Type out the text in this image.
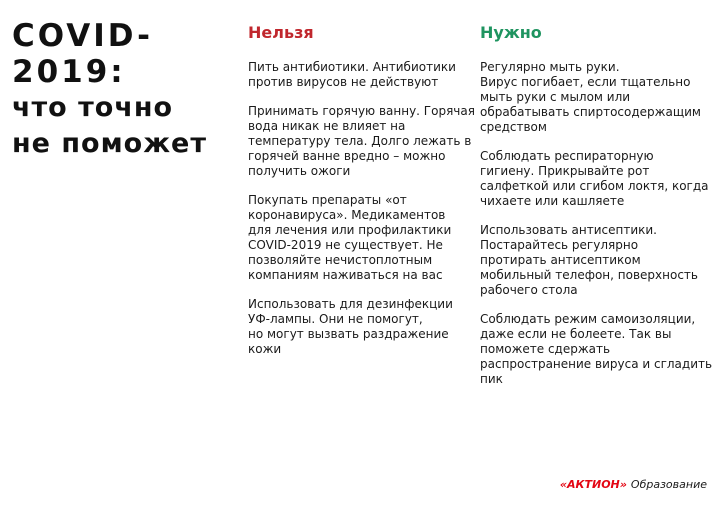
COVID-
2019:
что точно
не поможет
Нельзя
Пить антибиотики. Антибиотики
против вирусов не действуют
Принимать горячую ванну. Горячая
вода никак не влияет на
температуру тела. Долго лежать в
горячей ванне вредно – можно
получить ожоги
Покупать препараты «от
коронавируса». Медикаментов
для лечения или профилактики
COVID-2019 не существует. Не
позволяйте нечистоплотным
компаниям наживаться на вас
Использовать для дезинфекции
УФ-лампы. Они не помогут,
но могут вызвать раздражение
кожи
Нужно
Регулярно мыть руки.
Вирус погибает, если тщательно
мыть руки с мылом или
обрабатывать спиртосодержащим
средством
Соблюдать респираторную
гигиену. Прикрывайте рот
салфеткой или сгибом локтя, когда
чихаете или кашляете
Использовать антисептики.
Постарайтесь регулярно
протирать антисептиком
мобильный телефон, поверхность
рабочего стола
Соблюдать режим самоизоляции,
даже если не болеете. Так вы
поможете сдержать
распространение вируса и сгладить
пик
«АКТИОН» Образование
